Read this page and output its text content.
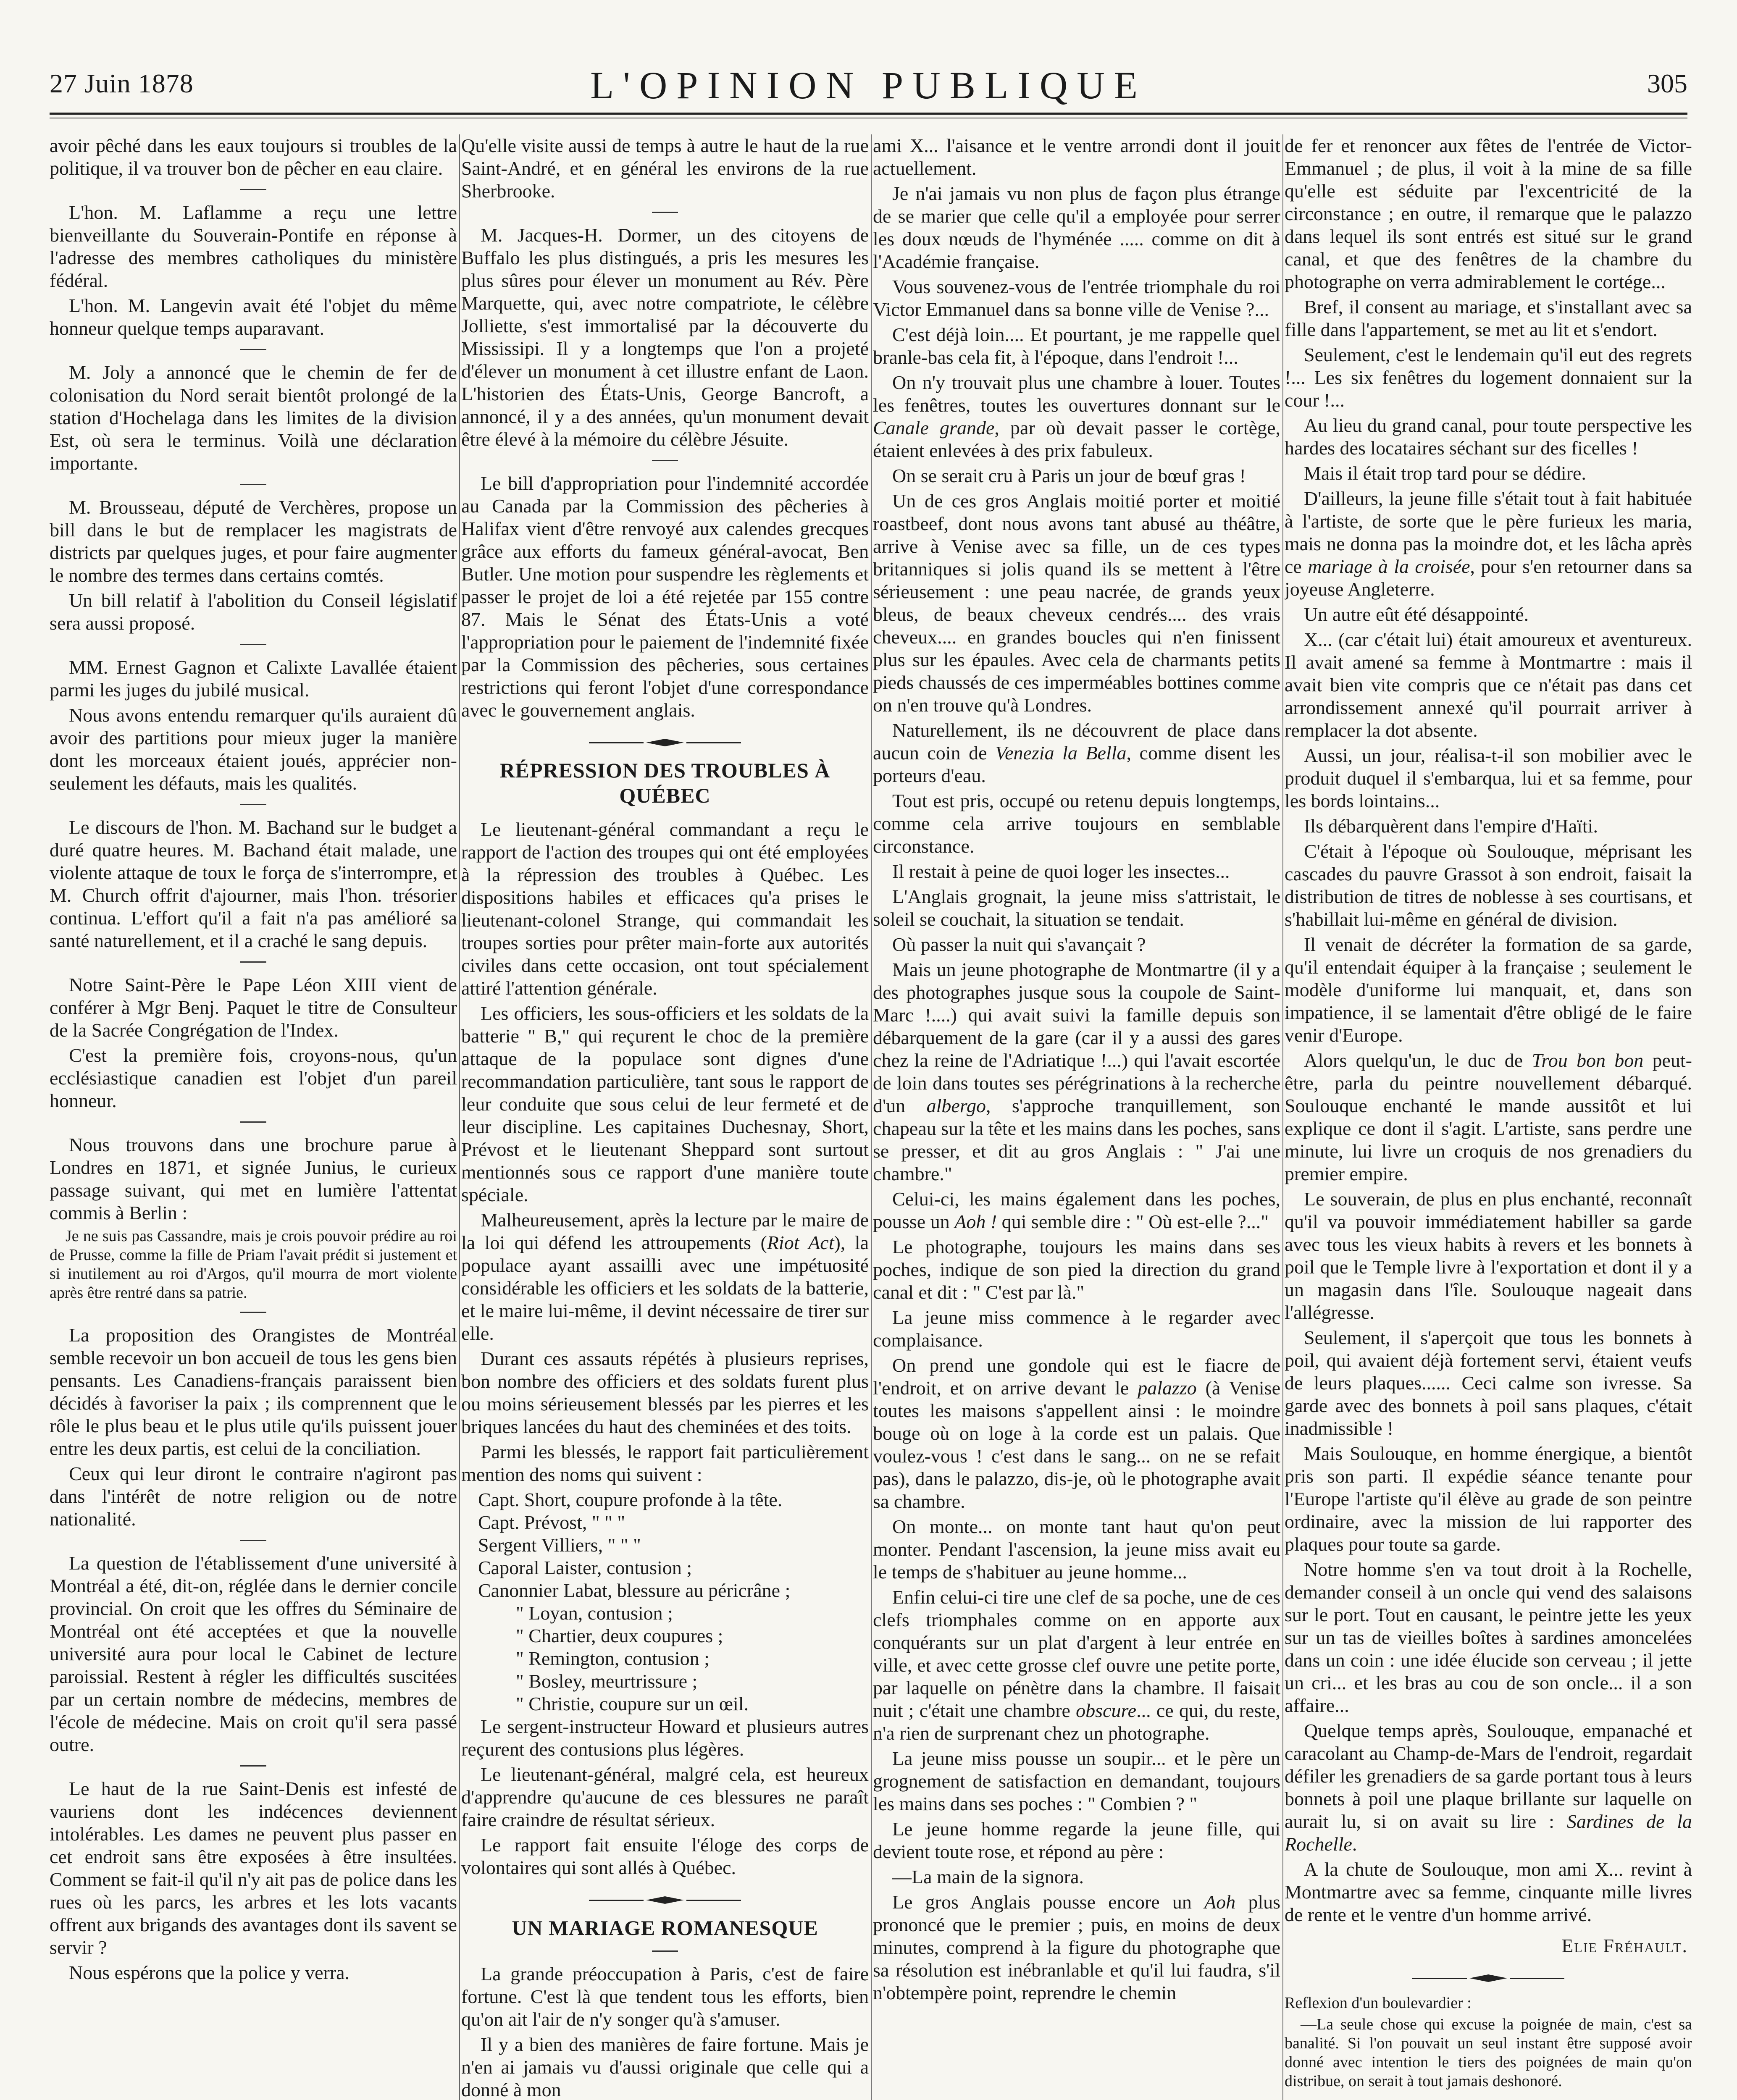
27 Juin 1878	L'OPINION PUBLIQUE	305

avoir pêché dans les eaux toujours si troubles de la politique, il va trouver bon de pêcher en eau claire.

L'hon. M. Laflamme a reçu une lettre bienveillante du Souverain-Pontife en réponse à l'adresse des membres catholiques du ministère fédéral.

L'hon. M. Langevin avait été l'objet du même honneur quelque temps auparavant.

M. Joly a annoncé que le chemin de fer de colonisation du Nord serait bientôt prolongé de la station d'Hochelaga dans les limites de la division Est, où sera le terminus. Voilà une déclaration importante.

M. Brousseau, député de Verchères, propose un bill dans le but de remplacer les magistrats de districts par quelques juges, et pour faire augmenter le nombre des termes dans certains comtés.

Un bill relatif à l'abolition du Conseil législatif sera aussi proposé.

MM. Ernest Gagnon et Calixte Lavallée étaient parmi les juges du jubilé musical.

Nous avons entendu remarquer qu'ils auraient dû avoir des partitions pour mieux juger la manière dont les morceaux étaient joués, apprécier non-seulement les défauts, mais les qualités.

Le discours de l'hon. M. Bachand sur le budget a duré quatre heures. M. Bachand était malade, une violente attaque de toux le força de s'interrompre, et M. Church offrit d'ajourner, mais l'hon. trésorier continua. L'effort qu'il a fait n'a pas amélioré sa santé naturellement, et il a craché le sang depuis.

Notre Saint-Père le Pape Léon XIII vient de conférer à Mgr Benj. Paquet le titre de Consulteur de la Sacrée Congrégation de l'Index.

C'est la première fois, croyons-nous, qu'un ecclésiastique canadien est l'objet d'un pareil honneur.

Nous trouvons dans une brochure parue à Londres en 1871, et signée Junius, le curieux passage suivant, qui met en lumière l'attentat commis à Berlin :

Je ne suis pas Cassandre, mais je crois pouvoir prédire au roi de Prusse, comme la fille de Priam l'avait prédit si justement et si inutilement au roi d'Argos, qu'il mourra de mort violente après être rentré dans sa patrie.

La proposition des Orangistes de Montréal semble recevoir un bon accueil de tous les gens bien pensants. Les Canadiens-français paraissent bien décidés à favoriser la paix ; ils comprennent que le rôle le plus beau et le plus utile qu'ils puissent jouer entre les deux partis, est celui de la conciliation.

Ceux qui leur diront le contraire n'agiront pas dans l'intérêt de notre religion ou de notre nationalité.

La question de l'établissement d'une université à Montréal a été, dit-on, réglée dans le dernier concile provincial. On croit que les offres du Séminaire de Montréal ont été acceptées et que la nouvelle université aura pour local le Cabinet de lecture paroissial. Restent à régler les difficultés suscitées par un certain nombre de médecins, membres de l'école de médecine. Mais on croit qu'il sera passé outre.

Le haut de la rue Saint-Denis est infesté de vauriens dont les indécences deviennent intolérables. Les dames ne peuvent plus passer en cet endroit sans être exposées à être insultées. Comment se fait-il qu'il n'y ait pas de police dans les rues où les parcs, les arbres et les lots vacants offrent aux brigands des avantages dont ils savent se servir ?

Nous espérons que la police y verra.

Qu'elle visite aussi de temps à autre le haut de la rue Saint-André, et en général les environs de la rue Sherbrooke.

M. Jacques-H. Dormer, un des citoyens de Buffalo les plus distingués, a pris les mesures les plus sûres pour élever un monument au Rév. Père Marquette, qui, avec notre compatriote, le célèbre Jolliette, s'est immortalisé par la découverte du Mississipi. Il y a longtemps que l'on a projeté d'élever un monument à cet illustre enfant de Laon. L'historien des États-Unis, George Bancroft, a annoncé, il y a des années, qu'un monument devait être élevé à la mémoire du célèbre Jésuite.

Le bill d'appropriation pour l'indemnité accordée au Canada par la Commission des pêcheries à Halifax vient d'être renvoyé aux calendes grecques grâce aux efforts du fameux général-avocat, Ben Butler. Une motion pour suspendre les règlements et passer le projet de loi a été rejetée par 155 contre 87. Mais le Sénat des États-Unis a voté l'appropriation pour le paiement de l'indemnité fixée par la Commission des pêcheries, sous certaines restrictions qui feront l'objet d'une correspondance avec le gouvernement anglais.

RÉPRESSION DES TROUBLES À QUÉBEC

Le lieutenant-général commandant a reçu le rapport de l'action des troupes qui ont été employées à la répression des troubles à Québec. Les dispositions habiles et efficaces qu'a prises le lieutenant-colonel Strange, qui commandait les troupes sorties pour prêter main-forte aux autorités civiles dans cette occasion, ont tout spécialement attiré l'attention générale.

Les officiers, les sous-officiers et les soldats de la batterie " B," qui reçurent le choc de la première attaque de la populace sont dignes d'une recommandation particulière, tant sous le rapport de leur conduite que sous celui de leur fermeté et de leur discipline. Les capitaines Duchesnay, Short, Prévost et le lieutenant Sheppard sont surtout mentionnés sous ce rapport d'une manière toute spéciale.

Malheureusement, après la lecture par le maire de la loi qui défend les attroupements (Riot Act), la populace ayant assailli avec une impétuosité considérable les officiers et les soldats de la batterie, et le maire lui-même, il devint nécessaire de tirer sur elle.

Durant ces assauts répétés à plusieurs reprises, bon nombre des officiers et des soldats furent plus ou moins sérieusement blessés par les pierres et les briques lancées du haut des cheminées et des toits.

Parmi les blessés, le rapport fait particulièrement mention des noms qui suivent :

Capt. Short, coupure profonde à la tête.

Capt. Prévost, " " "

Sergent Villiers, " " "

Caporal Laister, contusion ;

Canonnier Labat, blessure au péricrâne ;

" Loyan, contusion ;

" Chartier, deux coupures ;

" Remington, contusion ;

" Bosley, meurtrissure ;

" Christie, coupure sur un œil.

Le sergent-instructeur Howard et plusieurs autres reçurent des contusions plus légères.

Le lieutenant-général, malgré cela, est heureux d'apprendre qu'aucune de ces blessures ne paraît faire craindre de résultat sérieux.

Le rapport fait ensuite l'éloge des corps de volontaires qui sont allés à Québec.

UN MARIAGE ROMANESQUE

La grande préoccupation à Paris, c'est de faire fortune. C'est là que tendent tous les efforts, bien qu'on ait l'air de n'y songer qu'à s'amuser.

Il y a bien des manières de faire fortune. Mais je n'en ai jamais vu d'aussi originale que celle qui a donné à mon

ami X... l'aisance et le ventre arrondi dont il jouit actuellement.

Je n'ai jamais vu non plus de façon plus étrange de se marier que celle qu'il a employée pour serrer les doux nœuds de l'hyménée ..... comme on dit à l'Académie française.

Vous souvenez-vous de l'entrée triomphale du roi Victor Emmanuel dans sa bonne ville de Venise ?...

C'est déjà loin.... Et pourtant, je me rappelle quel branle-bas cela fit, à l'époque, dans l'endroit !...

On n'y trouvait plus une chambre à louer. Toutes les fenêtres, toutes les ouvertures donnant sur le Canale grande, par où devait passer le cortège, étaient enlevées à des prix fabuleux.

On se serait cru à Paris un jour de bœuf gras !

Un de ces gros Anglais moitié porter et moitié roastbeef, dont nous avons tant abusé au théâtre, arrive à Venise avec sa fille, un de ces types britanniques si jolis quand ils se mettent à l'être sérieusement : une peau nacrée, de grands yeux bleus, de beaux cheveux cendrés.... des vrais cheveux.... en grandes boucles qui n'en finissent plus sur les épaules. Avec cela de charmants petits pieds chaussés de ces imperméables bottines comme on n'en trouve qu'à Londres.

Naturellement, ils ne découvrent de place dans aucun coin de Venezia la Bella, comme disent les porteurs d'eau.

Tout est pris, occupé ou retenu depuis longtemps, comme cela arrive toujours en semblable circonstance.

Il restait à peine de quoi loger les insectes...

L'Anglais grognait, la jeune miss s'attristait, le soleil se couchait, la situation se tendait.

Où passer la nuit qui s'avançait ?

Mais un jeune photographe de Montmartre (il y a des photographes jusque sous la coupole de Saint-Marc !....) qui avait suivi la famille depuis son débarquement de la gare (car il y a aussi des gares chez la reine de l'Adriatique !...) qui l'avait escortée de loin dans toutes ses pérégrinations à la recherche d'un albergo, s'approche tranquillement, son chapeau sur la tête et les mains dans les poches, sans se presser, et dit au gros Anglais : " J'ai une chambre."

Celui-ci, les mains également dans les poches, pousse un Aoh ! qui semble dire : " Où est-elle ?..."

Le photographe, toujours les mains dans ses poches, indique de son pied la direction du grand canal et dit : " C'est par là."

La jeune miss commence à le regarder avec complaisance.

On prend une gondole qui est le fiacre de l'endroit, et on arrive devant le palazzo (à Venise toutes les maisons s'appellent ainsi : le moindre bouge où on loge à la corde est un palais. Que voulez-vous ! c'est dans le sang... on ne se refait pas), dans le palazzo, dis-je, où le photographe avait sa chambre.

On monte... on monte tant haut qu'on peut monter. Pendant l'ascension, la jeune miss avait eu le temps de s'habituer au jeune homme...

Enfin celui-ci tire une clef de sa poche, une de ces clefs triomphales comme on en apporte aux conquérants sur un plat d'argent à leur entrée en ville, et avec cette grosse clef ouvre une petite porte, par laquelle on pénètre dans la chambre. Il faisait nuit ; c'était une chambre obscure... ce qui, du reste, n'a rien de surprenant chez un photographe.

La jeune miss pousse un soupir... et le père un grognement de satisfaction en demandant, toujours les mains dans ses poches : " Combien ? "

Le jeune homme regarde la jeune fille, qui devient toute rose, et répond au père :

—La main de la signora.

Le gros Anglais pousse encore un Aoh plus prononcé que le premier ; puis, en moins de deux minutes, comprend à la figure du photographe que sa résolution est inébranlable et qu'il lui faudra, s'il n'obtempère point, reprendre le chemin

de fer et renoncer aux fêtes de l'entrée de Victor-Emmanuel ; de plus, il voit à la mine de sa fille qu'elle est séduite par l'excentricité de la circonstance ; en outre, il remarque que le palazzo dans lequel ils sont entrés est situé sur le grand canal, et que des fenêtres de la chambre du photographe on verra admirablement le cortége...

Bref, il consent au mariage, et s'installant avec sa fille dans l'appartement, se met au lit et s'endort.

Seulement, c'est le lendemain qu'il eut des regrets !... Les six fenêtres du logement donnaient sur la cour !...

Au lieu du grand canal, pour toute perspective les hardes des locataires séchant sur des ficelles !

Mais il était trop tard pour se dédire.

D'ailleurs, la jeune fille s'était tout à fait habituée à l'artiste, de sorte que le père furieux les maria, mais ne donna pas la moindre dot, et les lâcha après ce mariage à la croisée, pour s'en retourner dans sa joyeuse Angleterre.

Un autre eût été désappointé.

X... (car c'était lui) était amoureux et aventureux. Il avait amené sa femme à Montmartre : mais il avait bien vite compris que ce n'était pas dans cet arrondissement annexé qu'il pourrait arriver à remplacer la dot absente.

Aussi, un jour, réalisa-t-il son mobilier avec le produit duquel il s'embarqua, lui et sa femme, pour les bords lointains...

Ils débarquèrent dans l'empire d'Haïti.

C'était à l'époque où Soulouque, méprisant les cascades du pauvre Grassot à son endroit, faisait la distribution de titres de noblesse à ses courtisans, et s'habillait lui-même en général de division.

Il venait de décréter la formation de sa garde, qu'il entendait équiper à la française ; seulement le modèle d'uniforme lui manquait, et, dans son impatience, il se lamentait d'être obligé de le faire venir d'Europe.

Alors quelqu'un, le duc de Trou bon bon peut-être, parla du peintre nouvellement débarqué. Soulouque enchanté le mande aussitôt et lui explique ce dont il s'agit. L'artiste, sans perdre une minute, lui livre un croquis de nos grenadiers du premier empire.

Le souverain, de plus en plus enchanté, reconnaît qu'il va pouvoir immédiatement habiller sa garde avec tous les vieux habits à revers et les bonnets à poil que le Temple livre à l'exportation et dont il y a un magasin dans l'île. Soulouque nageait dans l'allégresse.

Seulement, il s'aperçoit que tous les bonnets à poil, qui avaient déjà fortement servi, étaient veufs de leurs plaques...... Ceci calme son ivresse. Sa garde avec des bonnets à poil sans plaques, c'était inadmissible !

Mais Soulouque, en homme énergique, a bientôt pris son parti. Il expédie séance tenante pour l'Europe l'artiste qu'il élève au grade de son peintre ordinaire, avec la mission de lui rapporter des plaques pour toute sa garde.

Notre homme s'en va tout droit à la Rochelle, demander conseil à un oncle qui vend des salaisons sur le port. Tout en causant, le peintre jette les yeux sur un tas de vieilles boîtes à sardines amoncelées dans un coin : une idée élucide son cerveau ; il jette un cri... et les bras au cou de son oncle... il a son affaire...

Quelque temps après, Soulouque, empanaché et caracolant au Champ-de-Mars de l'endroit, regardait défiler les grenadiers de sa garde portant tous à leurs bonnets à poil une plaque brillante sur laquelle on aurait lu, si on avait su lire : Sardines de la Rochelle.

A la chute de Soulouque, mon ami X... revint à Montmartre avec sa femme, cinquante mille livres de rente et le ventre d'un homme arrivé.

Elie Fréhault.

Reflexion d'un boulevardier :

—La seule chose qui excuse la poignée de main, c'est sa banalité. Si l'on pouvait un seul instant être supposé avoir donné avec intention le tiers des poignées de main qu'on distribue, on serait à tout jamais deshonoré.
